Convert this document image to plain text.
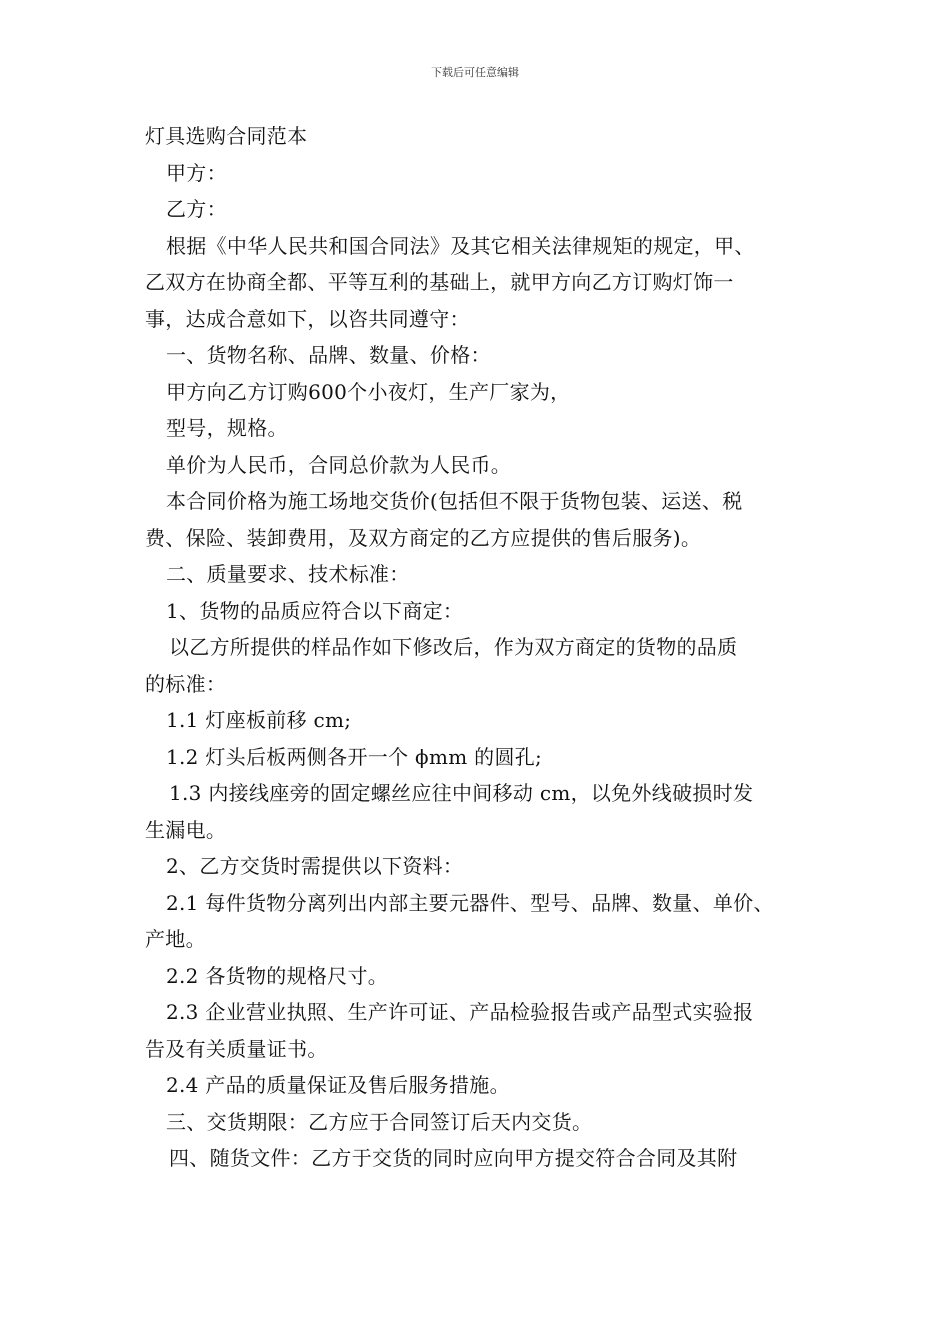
下载后可任意编辑
灯具选购合同范本
甲方：
乙方：
根据《中华人民共和国合同法》及其它相关法律规矩的规定，甲、
乙双方在协商全都、平等互利的基础上，就甲方向乙方订购灯饰一
事，达成合意如下，以咨共同遵守：
一、货物名称、品牌、数量、价格：
甲方向乙方订购600个小夜灯，生产厂家为，
型号，规格。
单价为人民币，合同总价款为人民币。
本合同价格为施工场地交货价(包括但不限于货物包装、运送、税
费、保险、装卸费用，及双方商定的乙方应提供的售后服务)。
二、质量要求、技术标准：
1、货物的品质应符合以下商定：
以乙方所提供的样品作如下修改后，作为双方商定的货物的品质
的标准：
1.1 灯座板前移 cm;
1.2 灯头后板两侧各开一个 ϕmm 的圆孔;
1.3 内接线座旁的固定螺丝应往中间移动 cm，以免外线破损时发
生漏电。
2、乙方交货时需提供以下资料：
2.1 每件货物分离列出内部主要元器件、型号、品牌、数量、单价、
产地。
2.2 各货物的规格尺寸。
2.3 企业营业执照、生产许可证、产品检验报告或产品型式实验报
告及有关质量证书。
2.4 产品的质量保证及售后服务措施。
三、交货期限：乙方应于合同签订后天内交货。
四、随货文件：乙方于交货的同时应向甲方提交符合合同及其附
